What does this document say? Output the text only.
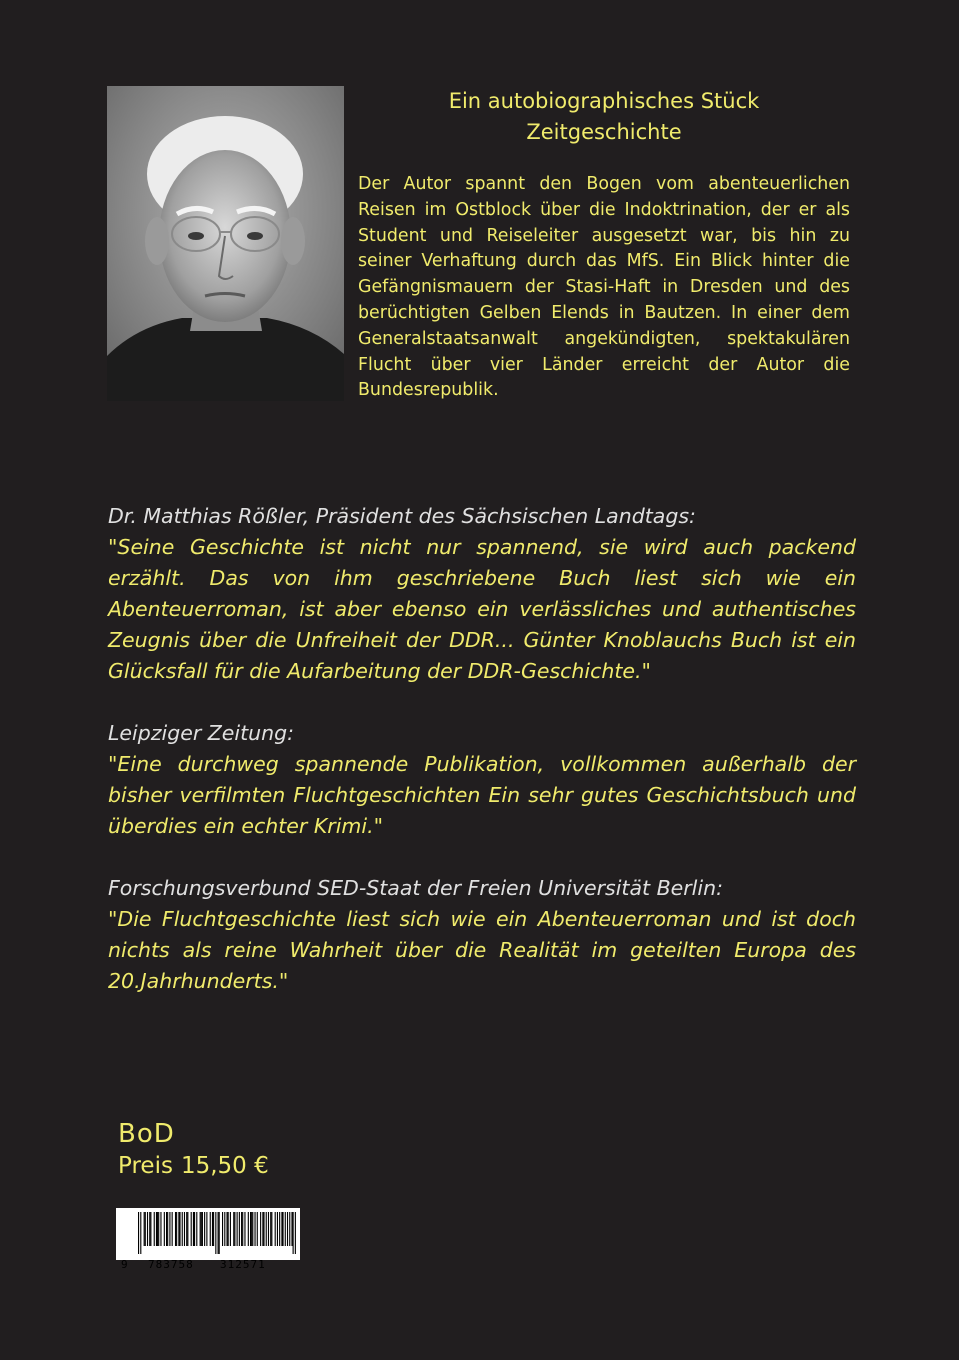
Ein autobiographisches Stück
Zeitgeschichte
Der Autor spannt den Bogen vom abenteuerlichen Reisen im Ostblock über die Indoktrination, der er als Student und Reiseleiter ausgesetzt war, bis hin zu seiner Verhaftung durch das MfS. Ein Blick hinter die Gefängnismauern der Stasi-Haft in Dresden und des berüchtigten Gelben Elends in Bautzen. In einer dem Generalstaatsanwalt angekündigten, spektakulären Flucht über vier Länder erreicht der Autor die Bundesrepublik.
Dr. Matthias Rößler, Präsident des Sächsischen Landtags:
"Seine Geschichte ist nicht nur spannend, sie wird auch packend erzählt. Das von ihm geschriebene Buch liest sich wie ein Abenteuerroman, ist aber ebenso ein verlässliches und authentisches Zeugnis über die Unfreiheit der DDR... Günter Knoblauchs Buch ist ein Glücksfall für die Aufarbeitung der DDR-Geschichte."
Leipziger Zeitung:
"Eine durchweg spannende Publikation, vollkommen außerhalb der bisher verfilmten Fluchtgeschichten Ein sehr gutes Geschichtsbuch und überdies ein echter Krimi."
Forschungsverbund SED-Staat der Freien Universität Berlin:
"Die Fluchtgeschichte liest sich wie ein Abenteuerroman und ist doch nichts als reine Wahrheit über die Realität im geteilten Europa des 20.Jahrhunderts."
BoD
Preis 15,50 €
9 783758 312571
